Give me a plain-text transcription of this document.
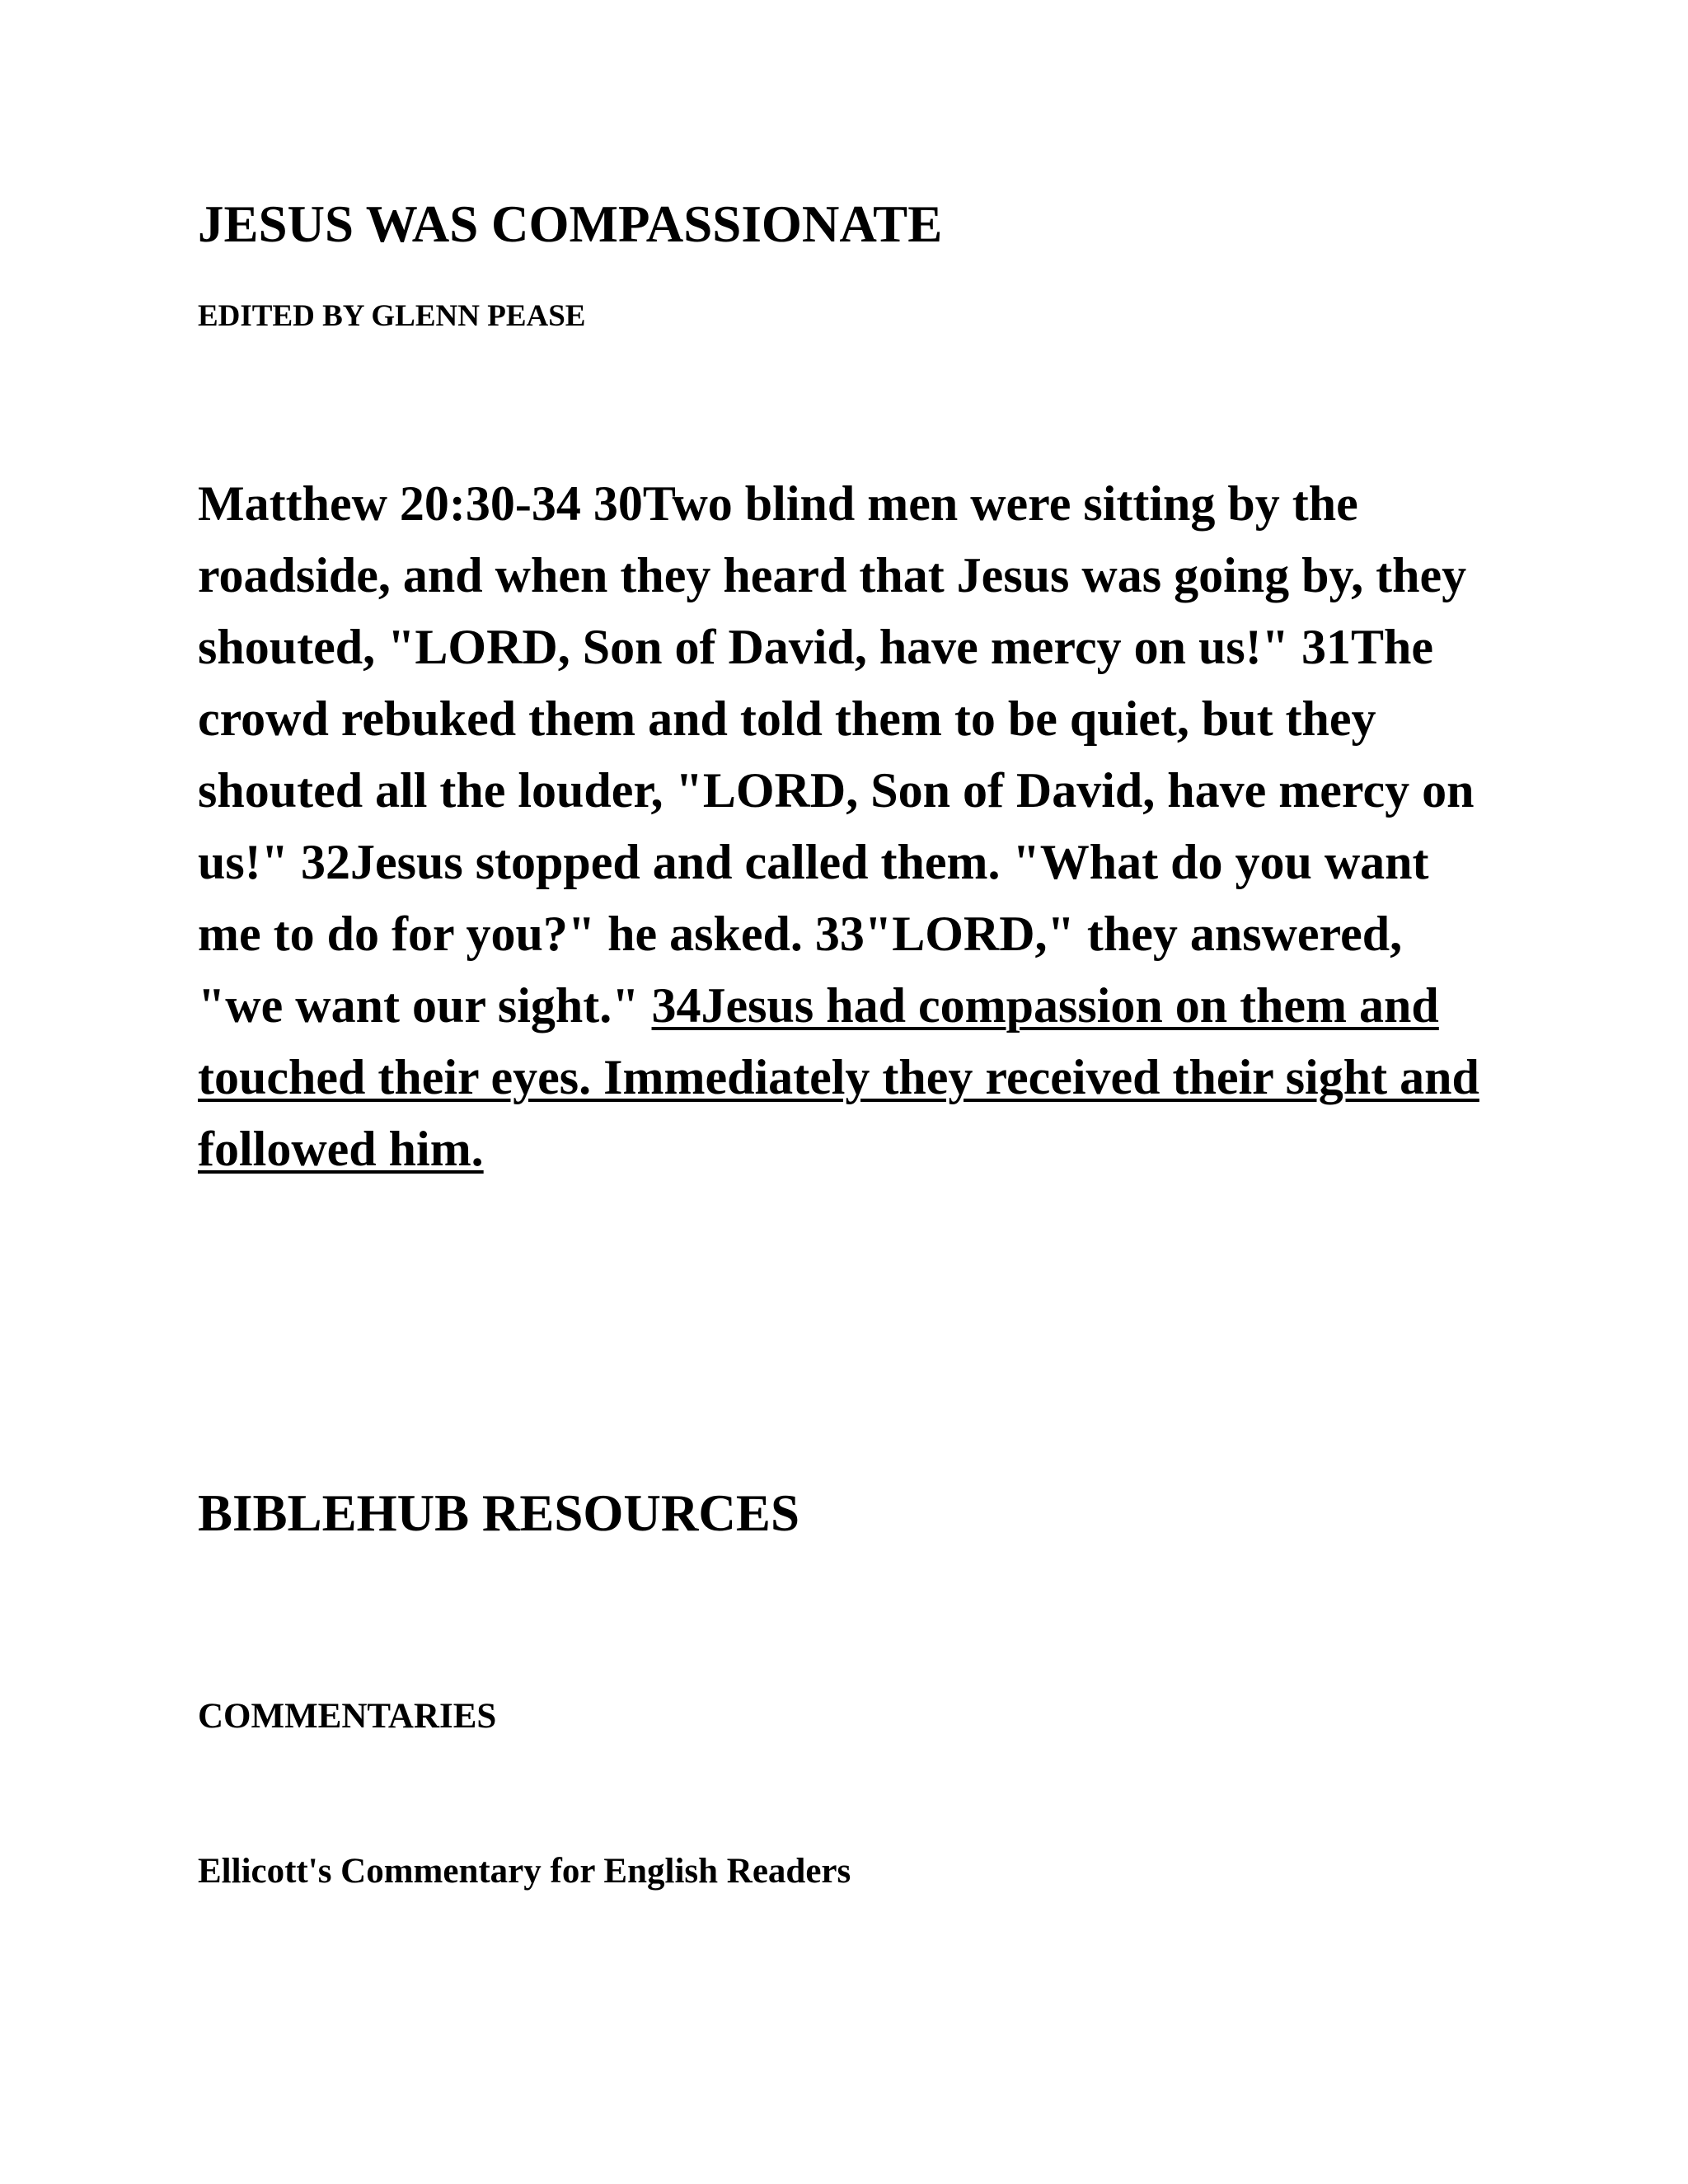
JESUS WAS COMPASSIONATE

EDITED BY GLENN PEASE

Matthew 20:30-34 30Two blind men were sitting by the roadside, and when they heard that Jesus was going by, they shouted, "LORD, Son of David, have mercy on us!" 31The crowd rebuked them and told them to be quiet, but they shouted all the louder, "LORD, Son of David, have mercy on us!" 32Jesus stopped and called them. "What do you want me to do for you?" he asked. 33"LORD," they answered, "we want our sight." 34Jesus had compassion on them and touched their eyes. Immediately they received their sight and followed him.

BIBLEHUB RESOURCES
COMMENTARIES

Ellicott's Commentary for English Readers
